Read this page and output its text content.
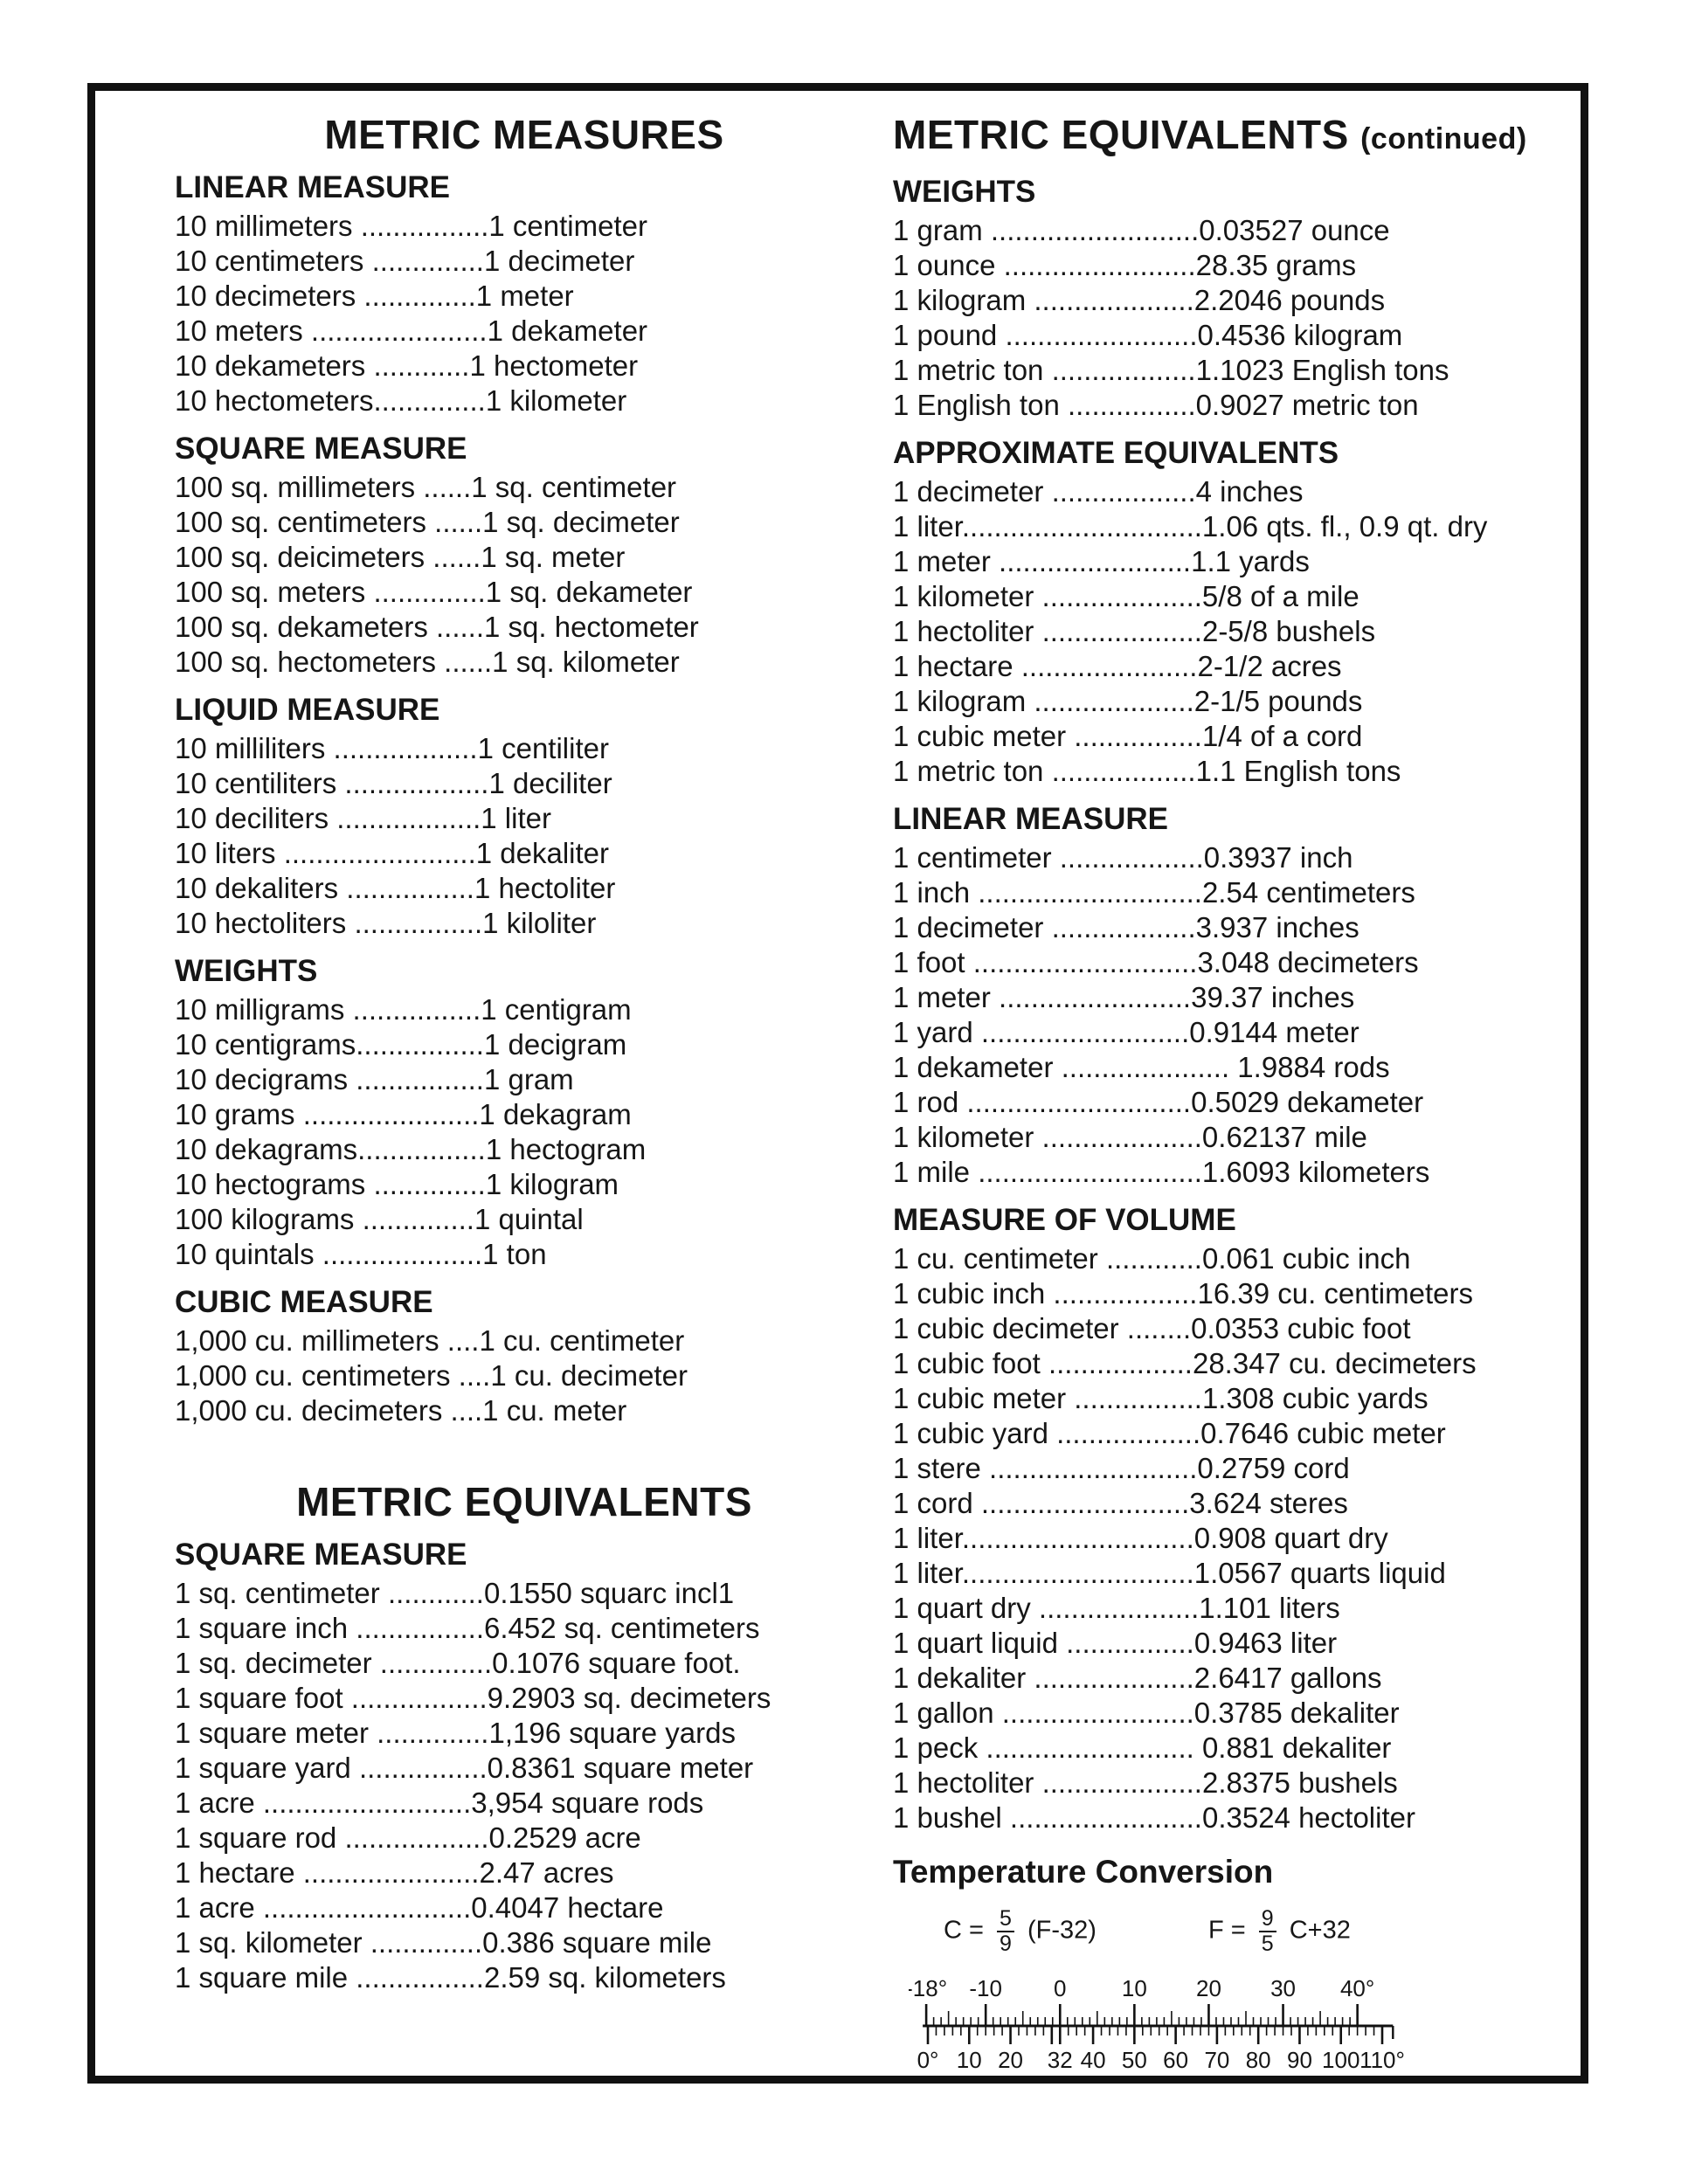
METRIC MEASURES
LINEAR MEASURE
10 millimeters ................1 centimeter
10 centimeters ..............1 decimeter
10 decimeters ..............1 meter
10 meters ......................1 dekameter
10 dekameters ............1 hectometer
10 hectometers..............1 kilometer
SQUARE MEASURE
100 sq. millimeters ......1 sq. centimeter
100 sq. centimeters ......1 sq. decimeter
100 sq. deicimeters ......1 sq. meter
100 sq. meters ..............1 sq. dekameter
100 sq. dekameters ......1 sq. hectometer
100 sq. hectometers ......1 sq. kilometer
LIQUID MEASURE
10 milliliters ..................1 centiliter
10 centiliters ..................1 deciliter
10 deciliters ..................1 liter
10 liters ........................1 dekaliter
10 dekaliters ................1 hectoliter
10 hectoliters ................1 kiloliter
WEIGHTS
10 milligrams ................1 centigram
10 centigrams................1 decigram
10 decigrams ................1 gram
10 grams ......................1 dekagram
10 dekagrams................1 hectogram
10 hectograms ..............1 kilogram
100 kilograms ..............1 quintal
10 quintals ....................1 ton
CUBIC MEASURE
1,000 cu. millimeters ....1 cu. centimeter
1,000 cu. centimeters ....1 cu. decimeter
1,000 cu. decimeters ....1 cu. meter
METRIC EQUIVALENTS
SQUARE MEASURE
1 sq. centimeter ............0.1550 squarc incl1
1 square inch ................6.452 sq. centimeters
1 sq. decimeter ..............0.1076 square foot.
1 square foot .................9.2903 sq. decimeters
1 square meter ..............1,196 square yards
1 square yard ................0.8361 square meter
1 acre ..........................3,954 square rods
1 square rod ..................0.2529 acre
1 hectare ......................2.47 acres
1 acre ..........................0.4047 hectare
1 sq. kilometer ..............0.386 square mile
1 square mile ................2.59 sq. kilometers
METRIC EQUIVALENTS (continued)
WEIGHTS
1 gram ..........................0.03527 ounce
1 ounce ........................28.35 grams
1 kilogram ....................2.2046 pounds
1 pound ........................0.4536 kilogram
1 metric ton ..................1.1023 English tons
1 English ton ................0.9027 metric ton
APPROXIMATE EQUIVALENTS
1 decimeter ..................4 inches
1 liter..............................1.06 qts. fl., 0.9 qt. dry
1 meter ........................1.1 yards
1 kilometer ....................5/8 of a mile
1 hectoliter ....................2-5/8 bushels
1 hectare ......................2-1/2 acres
1 kilogram ....................2-1/5 pounds
1 cubic meter ................1/4 of a cord
1 metric ton ..................1.1 English tons
LINEAR MEASURE
1 centimeter ..................0.3937 inch
1 inch ............................2.54 centimeters
1 decimeter ..................3.937 inches
1 foot ............................3.048 decimeters
1 meter ........................39.37 inches
1 yard ..........................0.9144 meter
1 dekameter ..................... 1.9884 rods
1 rod ............................0.5029 dekameter
1 kilometer ....................0.62137 mile
1 mile ............................1.6093 kilometers
MEASURE OF VOLUME
1 cu. centimeter ............0.061 cubic inch
1 cubic inch ..................16.39 cu. centimeters
1 cubic decimeter ........0.0353 cubic foot
1 cubic foot ..................28.347 cu. decimeters
1 cubic meter ................1.308 cubic yards
1 cubic yard ..................0.7646 cubic meter
1 stere ..........................0.2759 cord
1 cord ..........................3.624 steres
1 liter.............................0.908 quart dry
1 liter.............................1.0567 quarts liquid
1 quart dry ....................1.101 liters
1 quart liquid ................0.9463 liter
1 dekaliter ....................2.6417 gallons
1 gallon ........................0.3785 dekaliter
1 peck .......................... 0.881 dekaliter
1 hectoliter ....................2.8375 bushels
1 bushel ........................0.3524 hectoliter
Temperature Conversion
$C = \frac{5}{9} (F-32)$	$F = \frac{9}{5} C+32$
-18° -10 0 10 20 30 40°
0° 10 20 32 40 50 60 70 80 90 100 110°
